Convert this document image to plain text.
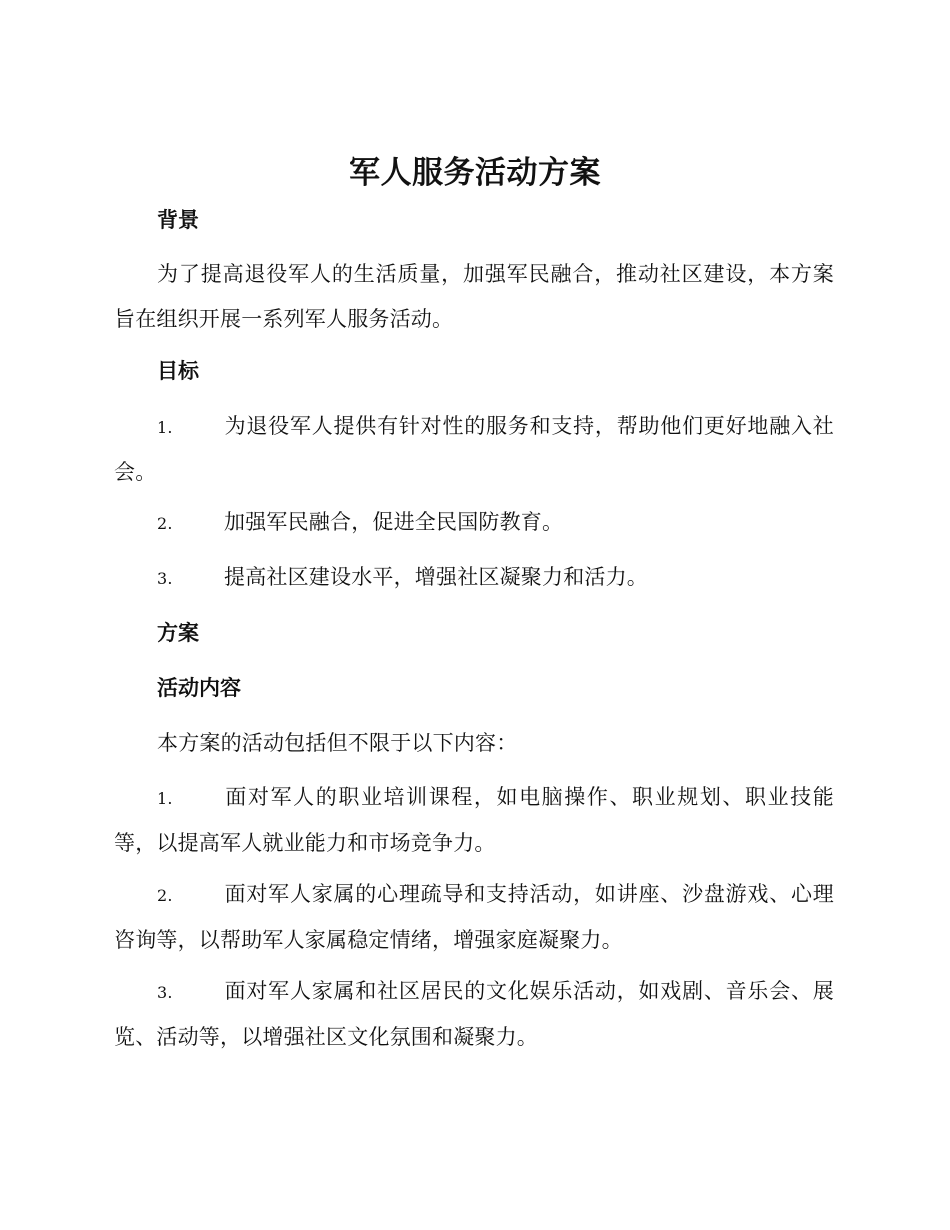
军人服务活动方案
背景
为了提高退役军人的生活质量，加强军民融合，推动社区建设，本方案旨在组织开展一系列军人服务活动。
目标
1. 为退役军人提供有针对性的服务和支持，帮助他们更好地融入社会。
2. 加强军民融合，促进全民国防教育。
3. 提高社区建设水平，增强社区凝聚力和活力。
方案
活动内容
本方案的活动包括但不限于以下内容：
1. 面对军人的职业培训课程，如电脑操作、职业规划、职业技能等，以提高军人就业能力和市场竞争力。
2. 面对军人家属的心理疏导和支持活动，如讲座、沙盘游戏、心理咨询等，以帮助军人家属稳定情绪，增强家庭凝聚力。
3. 面对军人家属和社区居民的文化娱乐活动，如戏剧、音乐会、展览、活动等，以增强社区文化氛围和凝聚力。
